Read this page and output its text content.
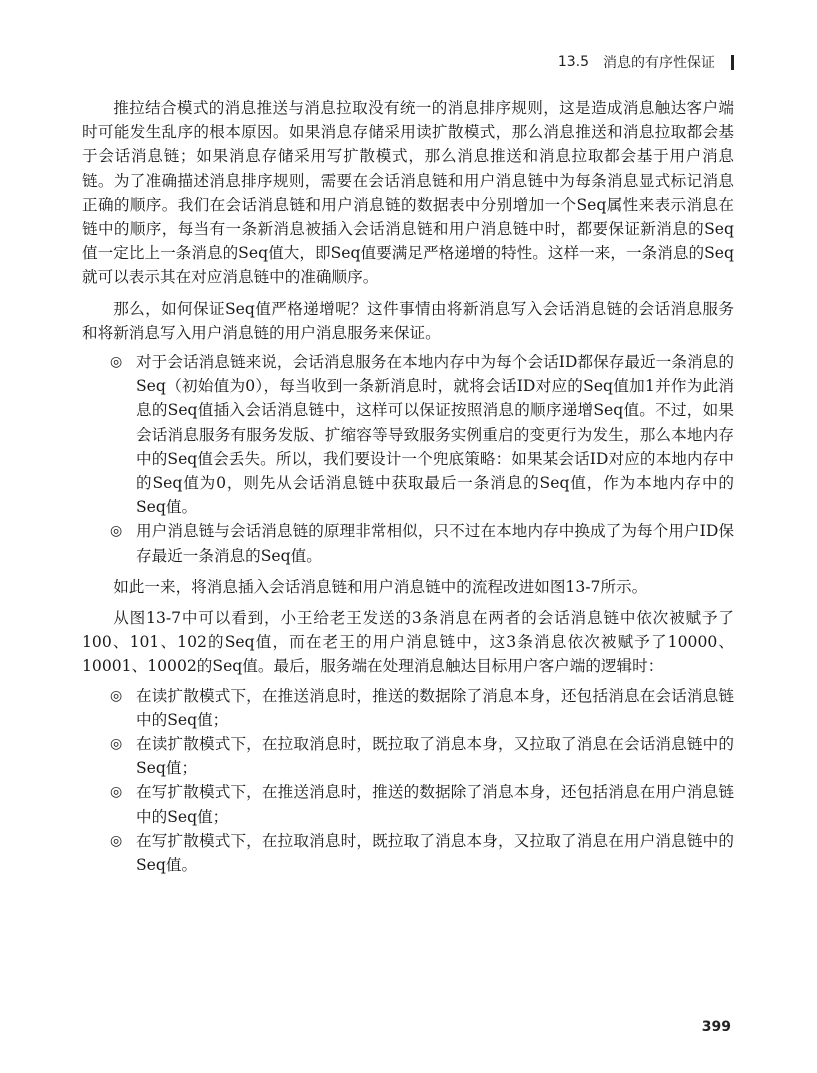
13.5 消息的有序性保证

推拉结合模式的消息推送与消息拉取没有统一的消息排序规则，这是造成消息触达客户端时可能发生乱序的根本原因。如果消息存储采用读扩散模式，那么消息推送和消息拉取都会基于会话消息链；如果消息存储采用写扩散模式，那么消息推送和消息拉取都会基于用户消息链。为了准确描述消息排序规则，需要在会话消息链和用户消息链中为每条消息显式标记消息正确的顺序。我们在会话消息链和用户消息链的数据表中分别增加一个Seq属性来表示消息在链中的顺序，每当有一条新消息被插入会话消息链和用户消息链中时，都要保证新消息的Seq值一定比上一条消息的Seq值大，即Seq值要满足严格递增的特性。这样一来，一条消息的Seq就可以表示其在对应消息链中的准确顺序。

那么，如何保证Seq值严格递增呢？这件事情由将新消息写入会话消息链的会话消息服务和将新消息写入用户消息链的用户消息服务来保证。

◎ 对于会话消息链来说，会话消息服务在本地内存中为每个会话ID都保存最近一条消息的Seq（初始值为0），每当收到一条新消息时，就将会话ID对应的Seq值加1并作为此消息的Seq值插入会话消息链中，这样可以保证按照消息的顺序递增Seq值。不过，如果会话消息服务有服务发版、扩缩容等导致服务实例重启的变更行为发生，那么本地内存中的Seq值会丢失。所以，我们要设计一个兜底策略：如果某会话ID对应的本地内存中的Seq值为0，则先从会话消息链中获取最后一条消息的Seq值，作为本地内存中的Seq值。
◎ 用户消息链与会话消息链的原理非常相似，只不过在本地内存中换成了为每个用户ID保存最近一条消息的Seq值。

如此一来，将消息插入会话消息链和用户消息链中的流程改进如图13-7所示。

从图13-7中可以看到，小王给老王发送的3条消息在两者的会话消息链中依次被赋予了100、101、102的Seq值，而在老王的用户消息链中，这3条消息依次被赋予了10000、10001、10002的Seq值。最后，服务端在处理消息触达目标用户客户端的逻辑时：

◎ 在读扩散模式下，在推送消息时，推送的数据除了消息本身，还包括消息在会话消息链中的Seq值；
◎ 在读扩散模式下，在拉取消息时，既拉取了消息本身，又拉取了消息在会话消息链中的Seq值；
◎ 在写扩散模式下，在推送消息时，推送的数据除了消息本身，还包括消息在用户消息链中的Seq值；
◎ 在写扩散模式下，在拉取消息时，既拉取了消息本身，又拉取了消息在用户消息链中的Seq值。
399
